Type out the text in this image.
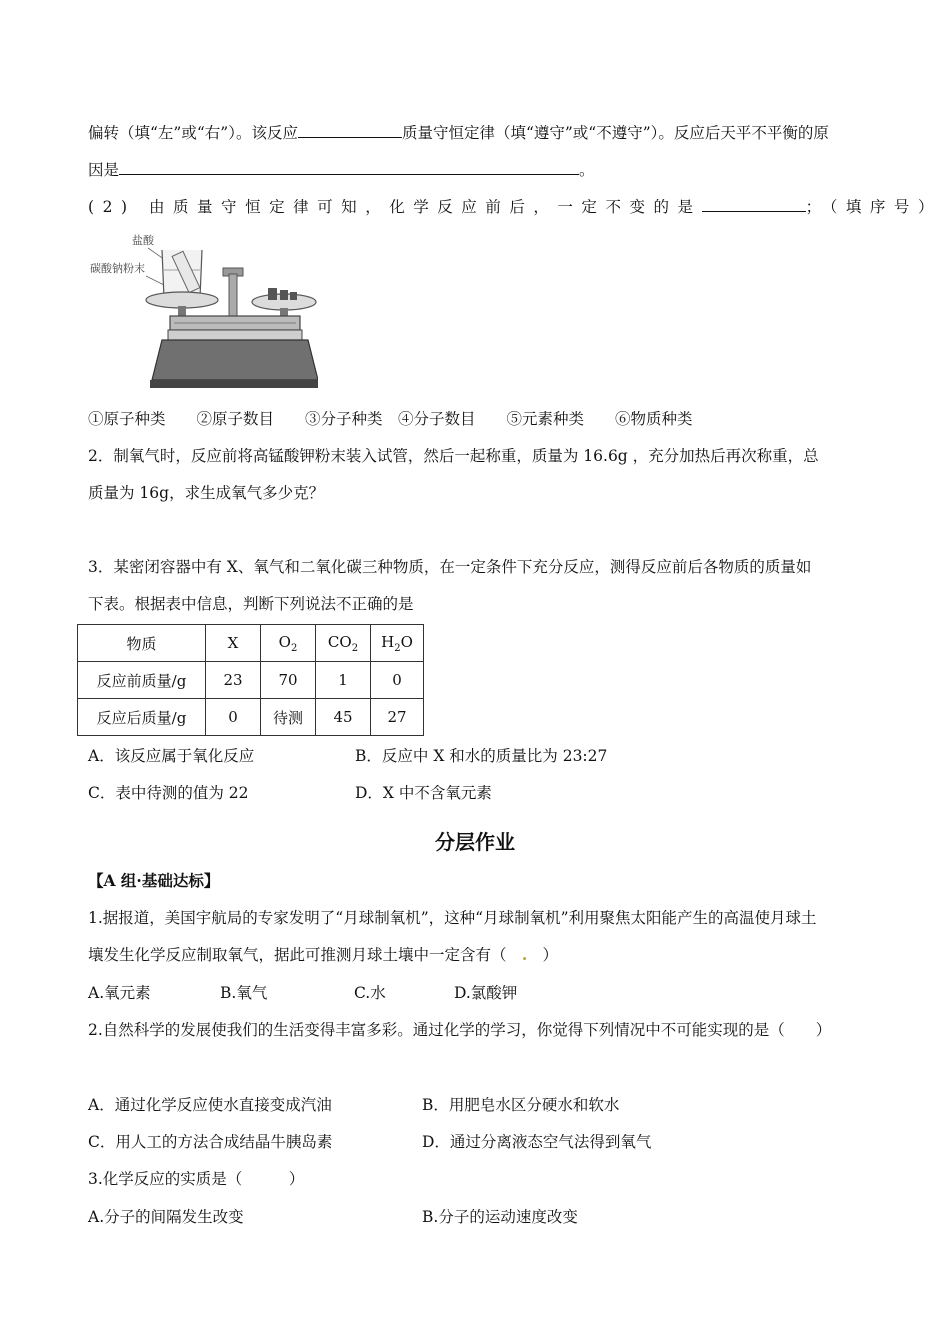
偏转（填“左”或“右”）。该反应	质量守恒定律（填“遵守”或“不遵守”）。反应后天平不平衡的原
因是	。
(2) 由质量守恒定律可知，化学反应前后，一定不变的是	；（填序号）
盐酸
碳酸钠粉末
①原子种类　　②原子数目　　③分子种类　④分子数目　　⑤元素种类　　⑥物质种类
2．制氧气时，反应前将高锰酸钾粉末装入试管，然后一起称重，质量为 16.6g ，充分加热后再次称重，总
质量为 16g，求生成氧气多少克？
3．某密闭容器中有 X、氧气和二氧化碳三种物质，在一定条件下充分反应，测得反应前后各物质的质量如
下表。根据表中信息，判断下列说法不正确的是
物质	X	$O_2$	$CO_2$	$H_2O$
反应前质量/g	23	70	1	0
反应后质量/g	0	待测	45	27
A．该反应属于氧化反应	B．反应中 X 和水的质量比为 23:27
C．表中待测的值为 22	D．X 中不含氧元素
分层作业
【A 组·基础达标】
1.据报道，美国宇航局的专家发明了“月球制氧机”，这种“月球制氧机”利用聚焦太阳能产生的高温使月球土
壤发生化学反应制取氧气，据此可推测月球土壤中一定含有（ . ）
A.氧元素	B.氧气	C.水	D.氯酸钾
2.自然科学的发展使我们的生活变得丰富多彩。通过化学的学习，你觉得下列情况中不可能实现的是（　　）
A．通过化学反应使水直接变成汽油	B．用肥皂水区分硬水和软水
C．用人工的方法合成结晶牛胰岛素	D．通过分离液态空气法得到氧气
3.化学反应的实质是（　　　）
A.分子的间隔发生改变	B.分子的运动速度改变
